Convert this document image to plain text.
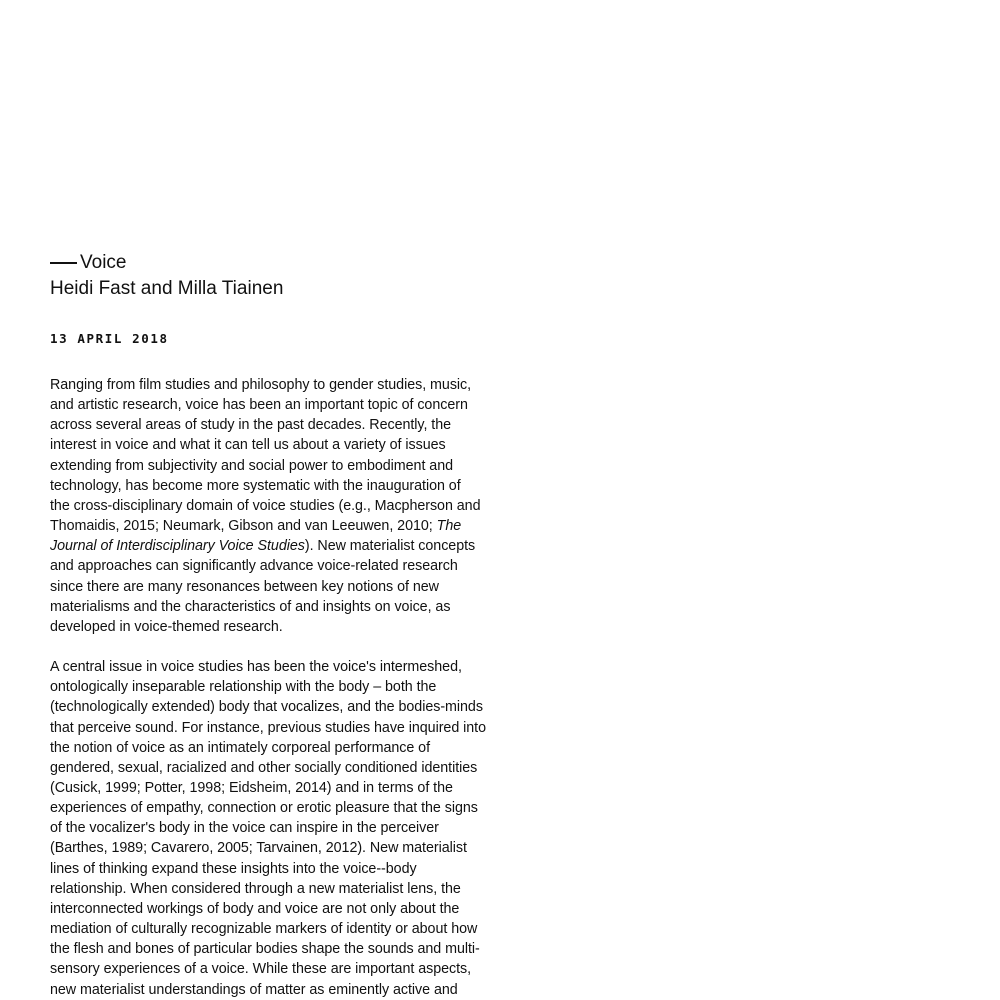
Voice
Heidi Fast and Milla Tiainen
13 APRIL 2018

Ranging from film studies and philosophy to gender studies, music,
and artistic research, voice has been an important topic of concern
across several areas of study in the past decades. Recently, the
interest in voice and what it can tell us about a variety of issues
extending from subjectivity and social power to embodiment and
technology, has become more systematic with the inauguration of
the cross-disciplinary domain of voice studies (e.g., Macpherson and
Thomaidis, 2015; Neumark, Gibson and van Leeuwen, 2010; The
Journal of Interdisciplinary Voice Studies). New materialist concepts
and approaches can significantly advance voice-related research
since there are many resonances between key notions of new
materialisms and the characteristics of and insights on voice, as
developed in voice-themed research.

A central issue in voice studies has been the voice's intermeshed,
ontologically inseparable relationship with the body – both the
(technologically extended) body that vocalizes, and the bodies-minds
that perceive sound. For instance, previous studies have inquired into
the notion of voice as an intimately corporeal performance of
gendered, sexual, racialized and other socially conditioned identities
(Cusick, 1999; Potter, 1998; Eidsheim, 2014) and in terms of the
experiences of empathy, connection or erotic pleasure that the signs
of the vocalizer's body in the voice can inspire in the perceiver
(Barthes, 1989; Cavarero, 2005; Tarvainen, 2012). New materialist
lines of thinking expand these insights into the voice--body
relationship. When considered through a new materialist lens, the
interconnected workings of body and voice are not only about the
mediation of culturally recognizable markers of identity or about how
the flesh and bones of particular bodies shape the sounds and multi-
sensory experiences of a voice. While these are important aspects,
new materialist understandings of matter as eminently active and
